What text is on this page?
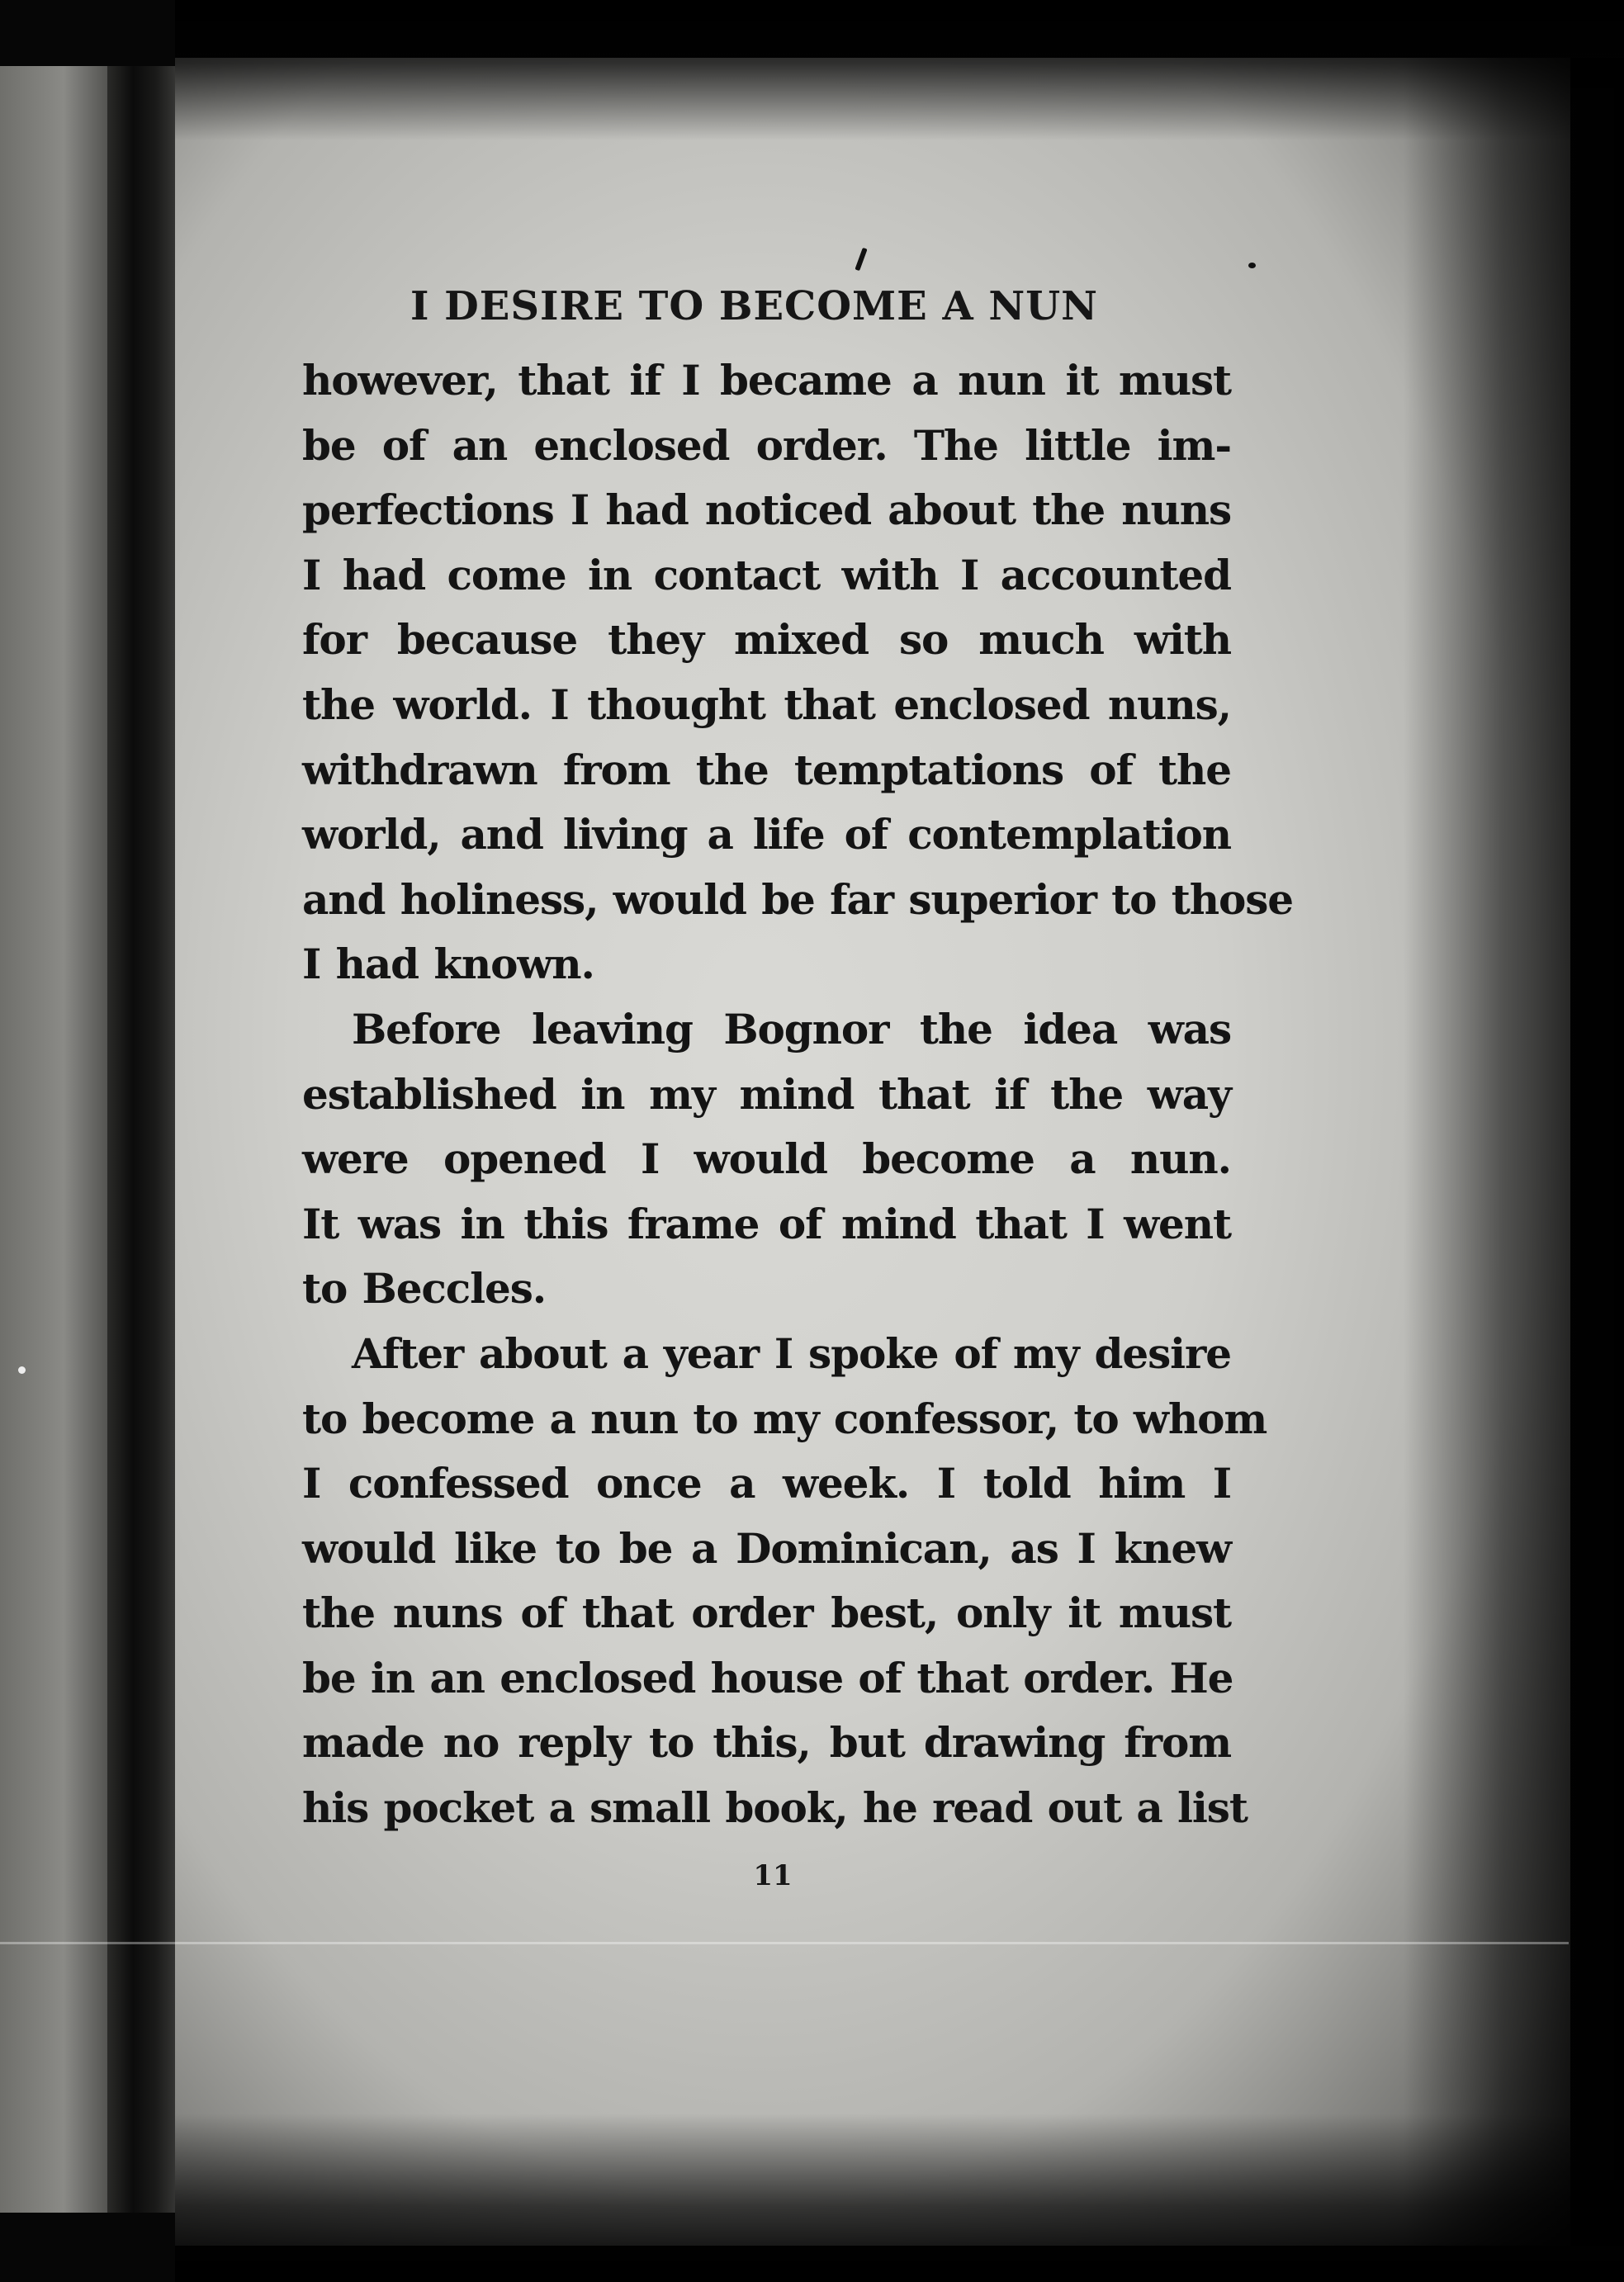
I DESIRE TO BECOME A NUN
however, that if I became a nun it must
be of an enclosed order. The little im-
perfections I had noticed about the nuns
I had come in contact with I accounted
for because they mixed so much with
the world. I thought that enclosed nuns,
withdrawn from the temptations of the
world, and living a life of contemplation
and holiness, would be far superior to those
I had known.
Before leaving Bognor the idea was
established in my mind that if the way
were opened I would become a nun.
It was in this frame of mind that I went
to Beccles.
After about a year I spoke of my desire
to become a nun to my confessor, to whom
I confessed once a week. I told him I
would like to be a Dominican, as I knew
the nuns of that order best, only it must
be in an enclosed house of that order. He
made no reply to this, but drawing from
his pocket a small book, he read out a list
11
